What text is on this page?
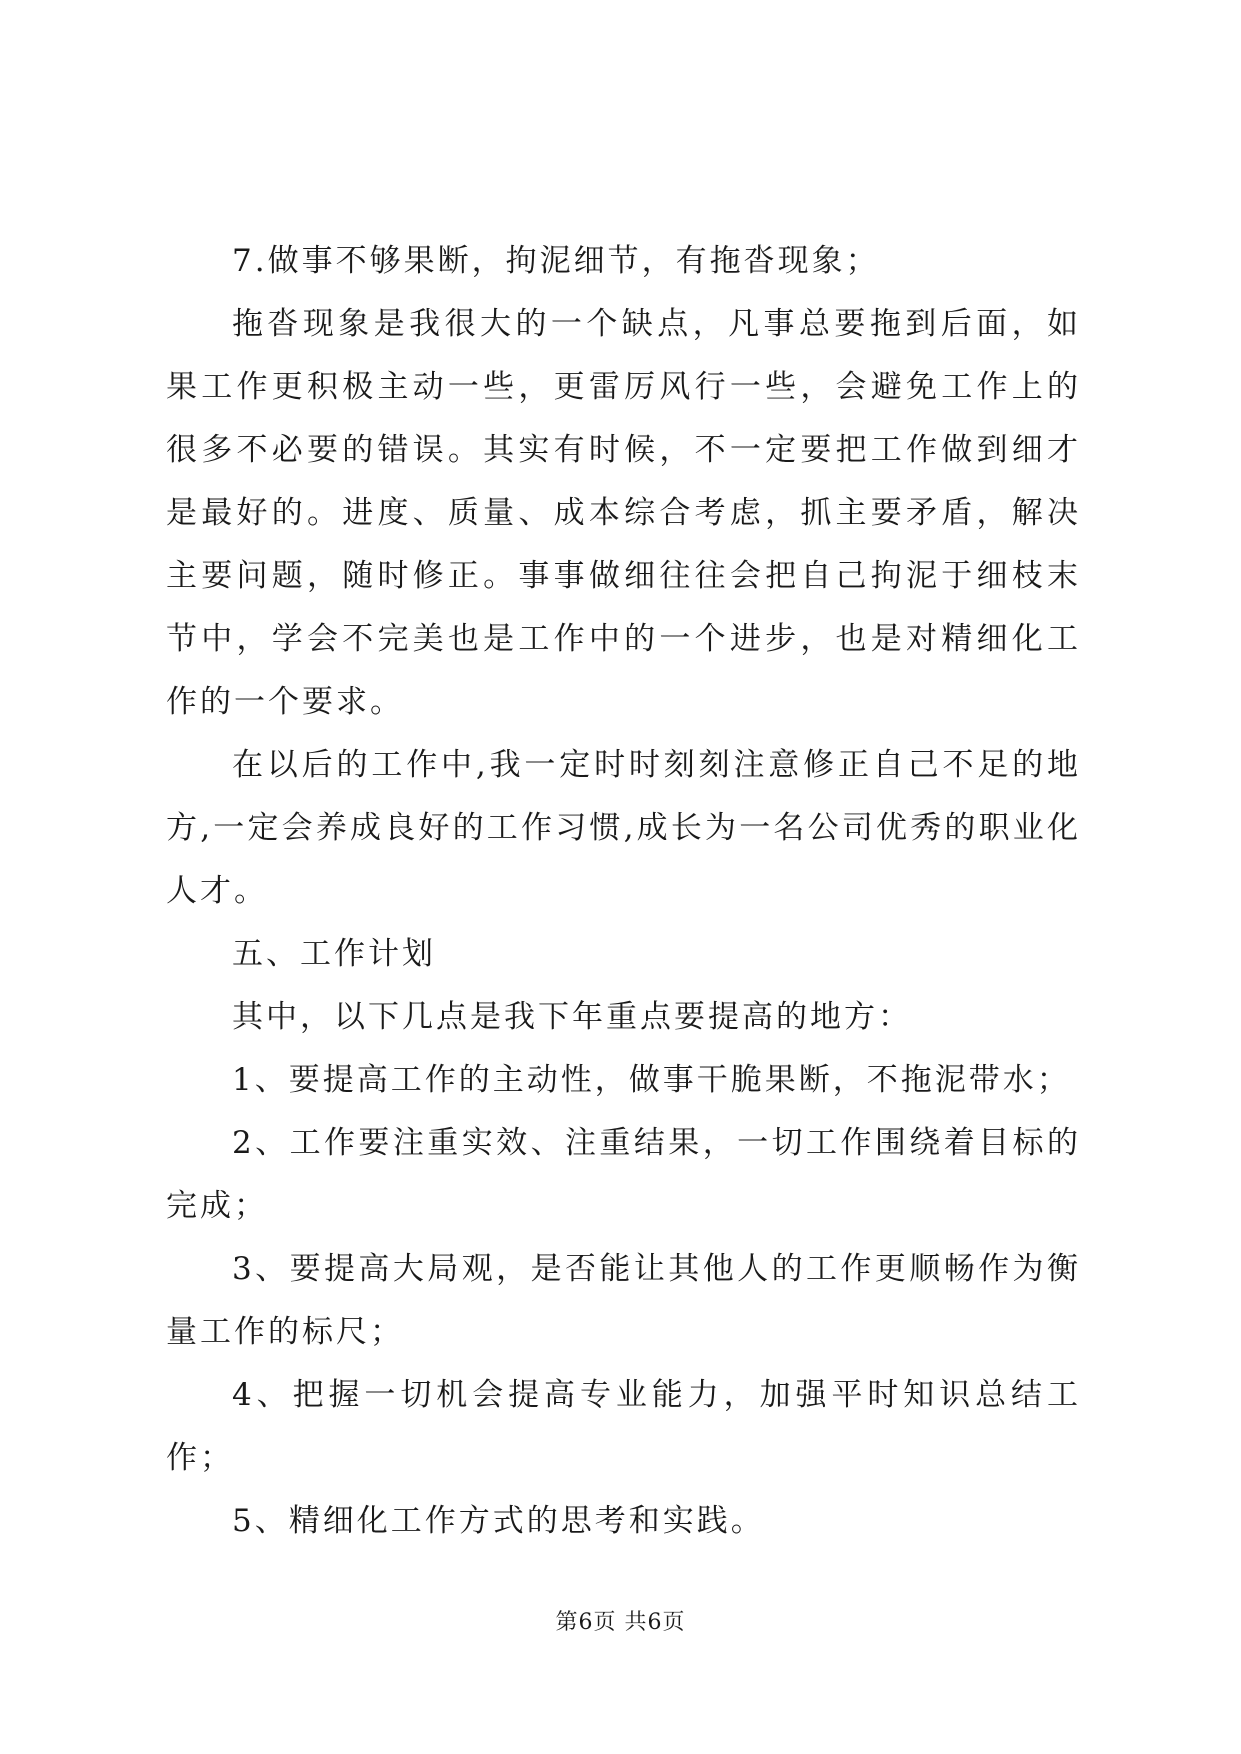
7.做事不够果断，拘泥细节，有拖沓现象；

拖沓现象是我很大的一个缺点，凡事总要拖到后面，如果工作更积极主动一些，更雷厉风行一些，会避免工作上的很多不必要的错误。其实有时候，不一定要把工作做到细才是最好的。进度、质量、成本综合考虑，抓主要矛盾，解决主要问题，随时修正。事事做细往往会把自己拘泥于细枝末节中，学会不完美也是工作中的一个进步，也是对精细化工作的一个要求。

在以后的工作中,我一定时时刻刻注意修正自己不足的地方,一定会养成良好的工作习惯,成长为一名公司优秀的职业化人才。

五、工作计划

其中，以下几点是我下年重点要提高的地方：

1、要提高工作的主动性，做事干脆果断，不拖泥带水；

2、工作要注重实效、注重结果，一切工作围绕着目标的完成；

3、要提高大局观，是否能让其他人的工作更顺畅作为衡量工作的标尺；

4、把握一切机会提高专业能力，加强平时知识总结工作；

5、精细化工作方式的思考和实践。

第6页 共6页
